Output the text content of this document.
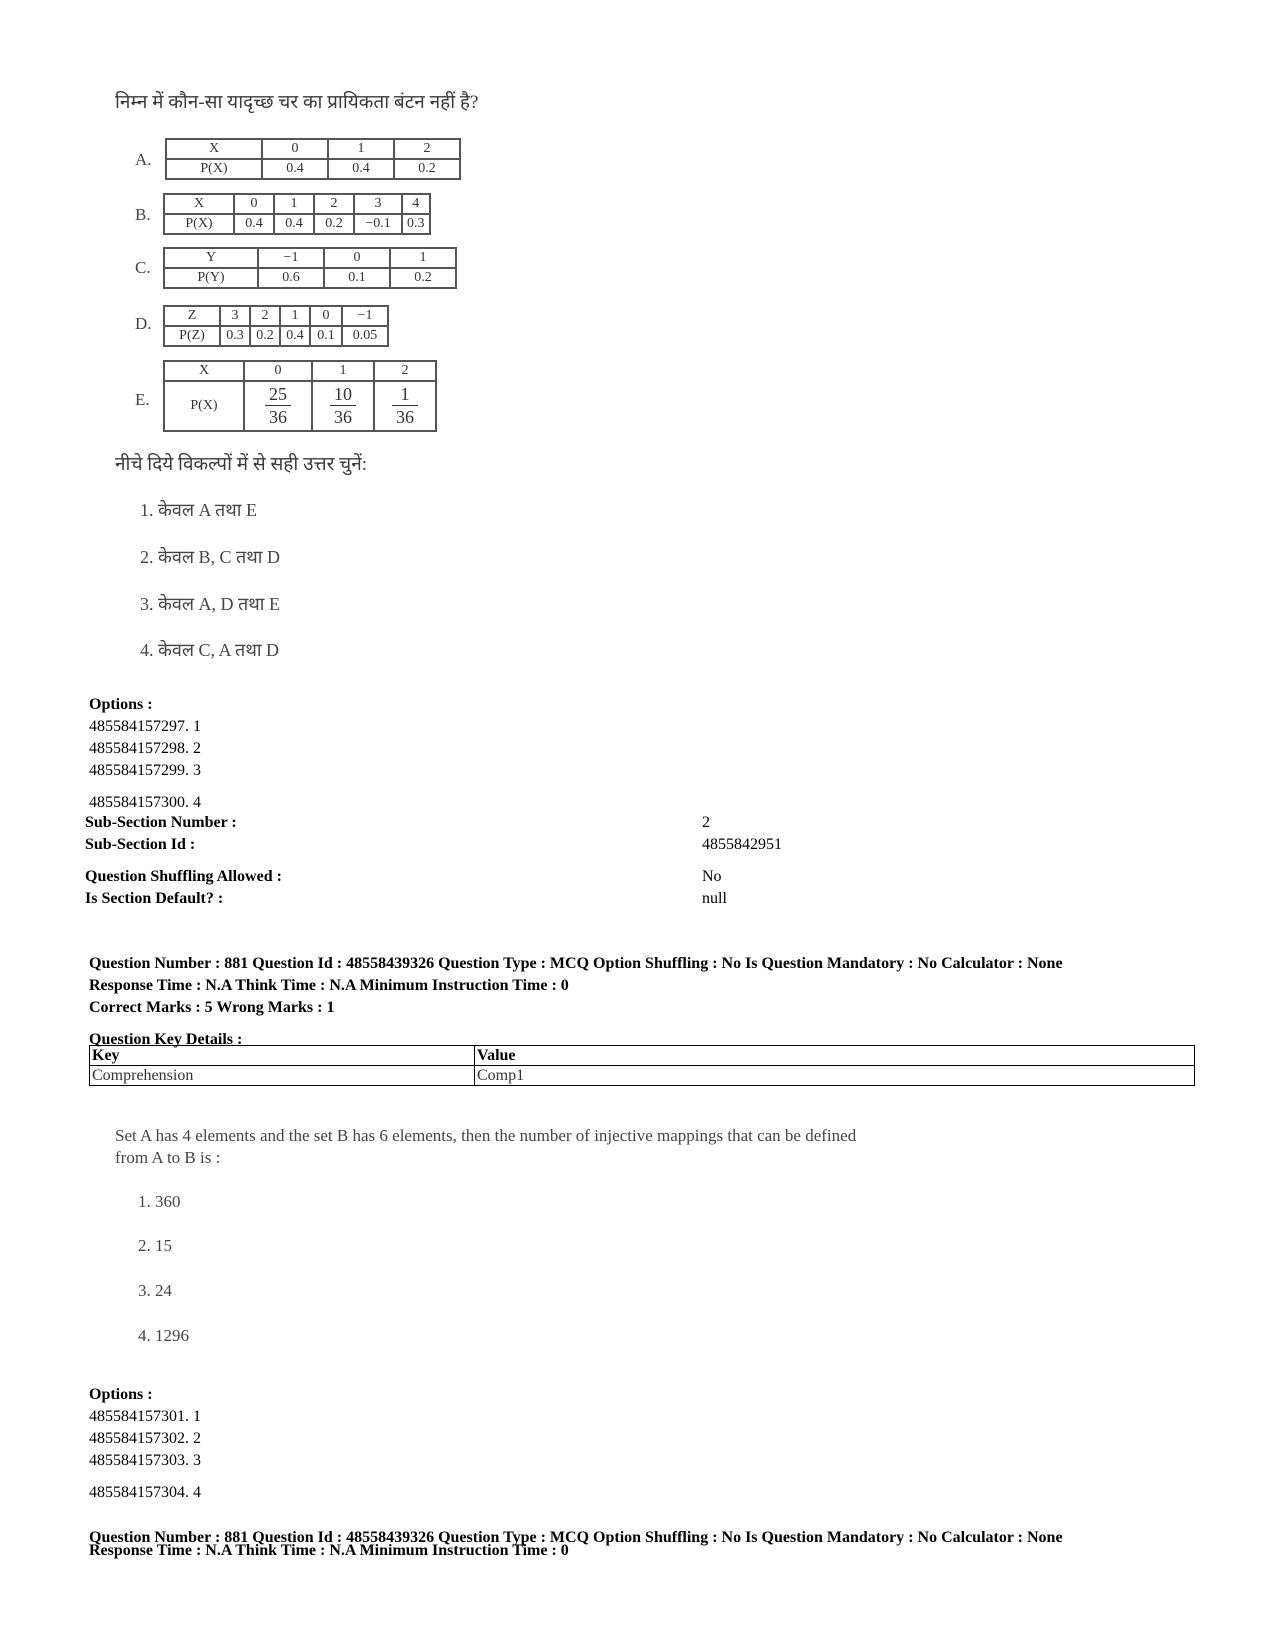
निम्न में कौन-सा यादृच्छ चर का प्रायिकता बंटन नहीं है?
A.
X	0	1	2
P(X)	0.4	0.4	0.2
B.
X	0	1	2	3	4
P(X)	0.4	0.4	0.2	−0.1	0.3
C.
Y	−1	0	1
P(Y)	0.6	0.1	0.2
D.	Z	3	2	1	0	−1
P(Z)	0.3	0.2	0.4	0.1	0.05
E.
X	0	1	2
P(X)	$\frac{25}{36}$	$\frac{10}{36}$	$\frac{1}{36}$
नीचे दिये विकल्पों में से सही उत्तर चुनें:
1. केवल A तथा E
2. केवल B, C तथा D
3. केवल A, D तथा E
4. केवल C, A तथा D
Options :
485584157297. 1
485584157298. 2
485584157299. 3
485584157300. 4
Sub-Section Number :	2
Sub-Section Id :	4855842951
Question Shuffling Allowed :	No
Is Section Default? :	null
Question Number : 881 Question Id : 48558439326 Question Type : MCQ Option Shuffling : No Is Question Mandatory : No Calculator : None
Response Time : N.A Think Time : N.A Minimum Instruction Time : 0
Correct Marks : 5 Wrong Marks : 1
Question Key Details :
Key	Value
Comprehension	Comp1
Set A has 4 elements and the set B has 6 elements, then the number of injective mappings that can be defined
from A to B is :
1. 360
2. 15
3. 24
4. 1296
Options :
485584157301. 1
485584157302. 2
485584157303. 3
485584157304. 4
Question Number : 881 Question Id : 48558439326 Question Type : MCQ Option Shuffling : No Is Question Mandatory : No Calculator : None
Response Time : N.A Think Time : N.A Minimum Instruction Time : 0
